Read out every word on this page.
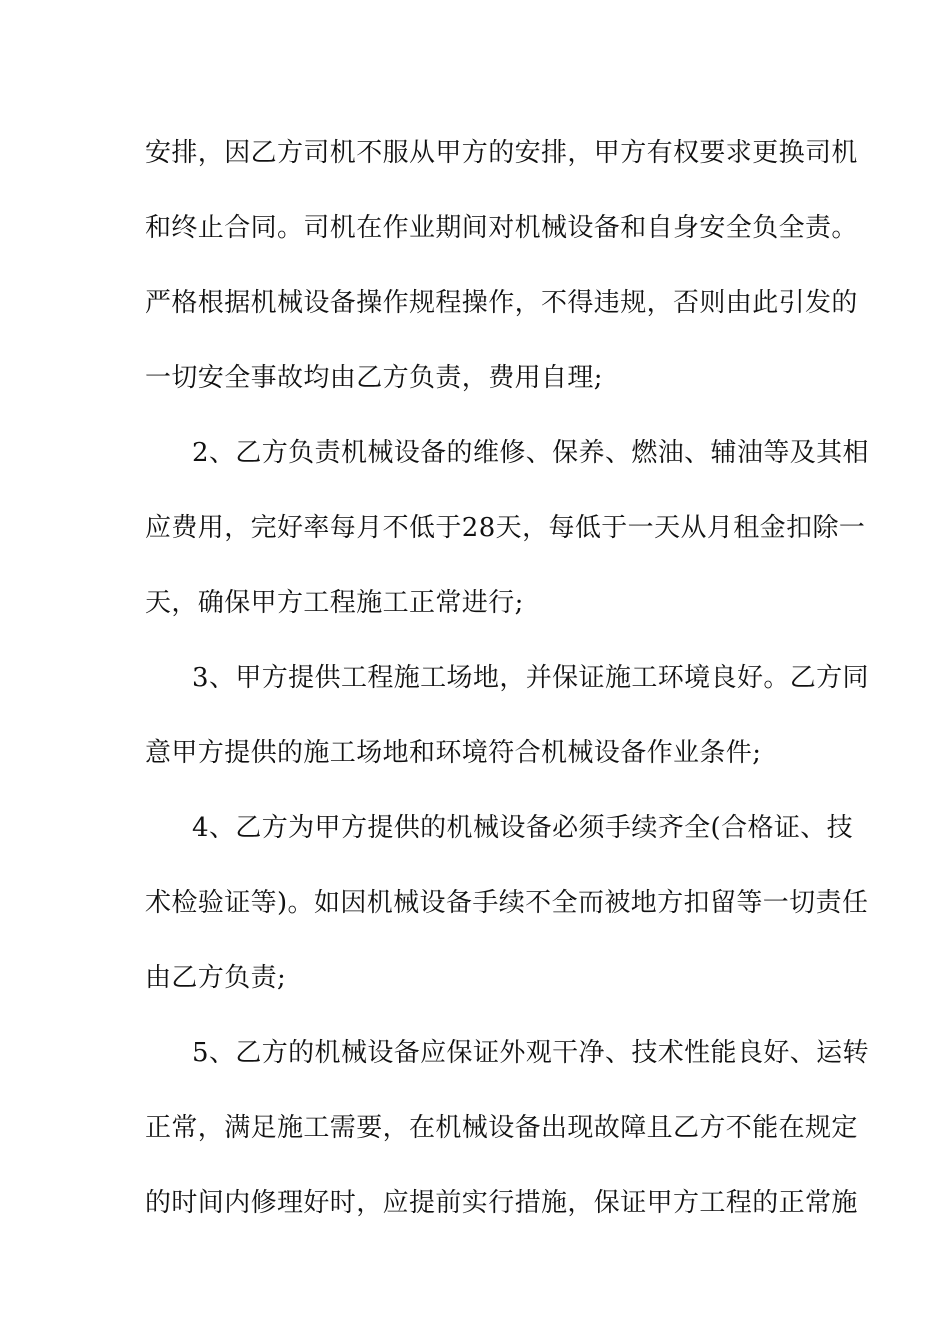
安排，因乙方司机不服从甲方的安排，甲方有权要求更换司机
和终止合同。司机在作业期间对机械设备和自身安全负全责。
严格根据机械设备操作规程操作，不得违规，否则由此引发的
一切安全事故均由乙方负责，费用自理;
2、乙方负责机械设备的维修、保养、燃油、辅油等及其相
应费用，完好率每月不低于28天，每低于一天从月租金扣除一
天，确保甲方工程施工正常进行;
3、甲方提供工程施工场地，并保证施工环境良好。乙方同
意甲方提供的施工场地和环境符合机械设备作业条件;
4、乙方为甲方提供的机械设备必须手续齐全(合格证、技
术检验证等)。如因机械设备手续不全而被地方扣留等一切责任
由乙方负责;
5、乙方的机械设备应保证外观干净、技术性能良好、运转
正常，满足施工需要，在机械设备出现故障且乙方不能在规定
的时间内修理好时，应提前实行措施，保证甲方工程的正常施
